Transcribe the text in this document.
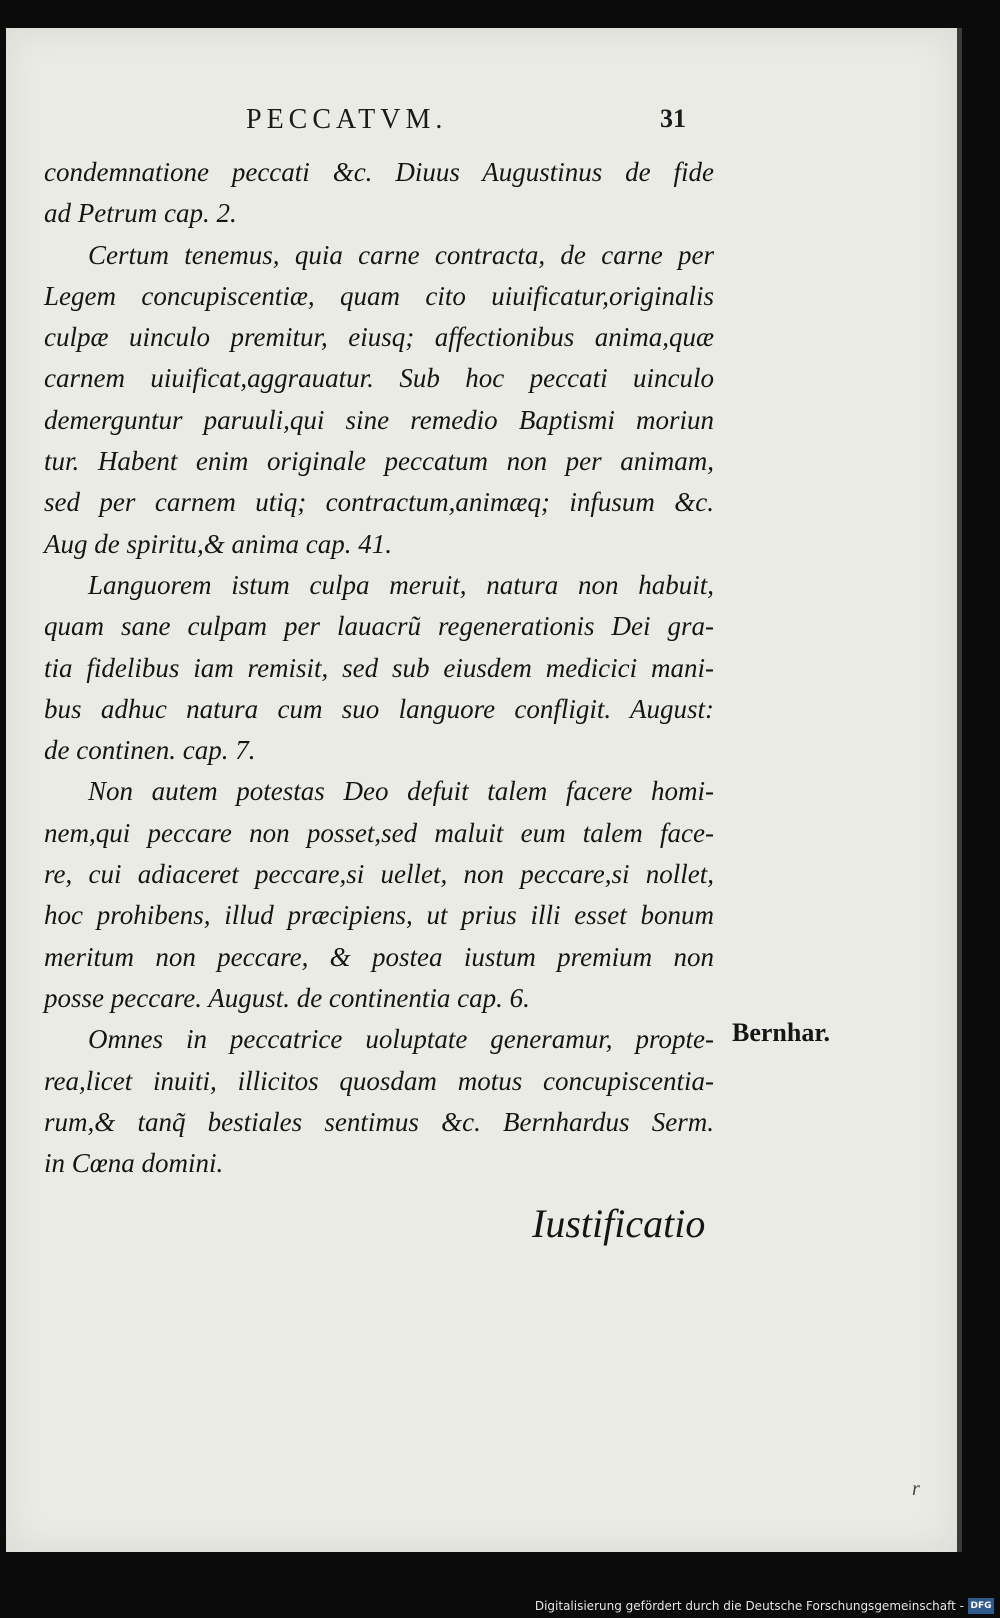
PECCATVM.	31
condemnatione peccati &c. Diuus Augustinus de fide
ad Petrum cap. 2.
Certum tenemus, quia carne contracta, de carne per
Legem concupiscentiæ, quam cito uiuificatur,originalis
culpæ uinculo premitur, eiusq; affectionibus anima,quæ
carnem uiuificat,aggrauatur. Sub hoc peccati uinculo
demerguntur paruuli,qui sine remedio Baptismi moriun
tur. Habent enim originale peccatum non per animam,
sed per carnem utiq; contractum,animæq; infusum &c.
Aug de spiritu,& anima cap. 41.
Languorem istum culpa meruit, natura non habuit,
quam sane culpam per lauacrũ regenerationis Dei gra-
tia fidelibus iam remisit, sed sub eiusdem medicici mani-
bus adhuc natura cum suo languore confligit. August:
de continen. cap. 7.
Non autem potestas Deo defuit talem facere homi-
nem,qui peccare non posset,sed maluit eum talem face-
re, cui adiaceret peccare,si uellet, non peccare,si nollet,
hoc prohibens, illud præcipiens, ut prius illi esset bonum
meritum non peccare, & postea iustum premium non
posse peccare. August. de continentia cap. 6.
Omnes in peccatrice uoluptate generamur, propte-
rea,licet inuiti, illicitos quosdam motus concupiscentia-
rum,& tanq̃ bestiales sentimus &c. Bernhardus Serm.
in Cœna domini.
Bernhar.
Iustificatio
r
Digitalisierung gefördert durch die Deutsche Forschungsgemeinschaft - DFG
